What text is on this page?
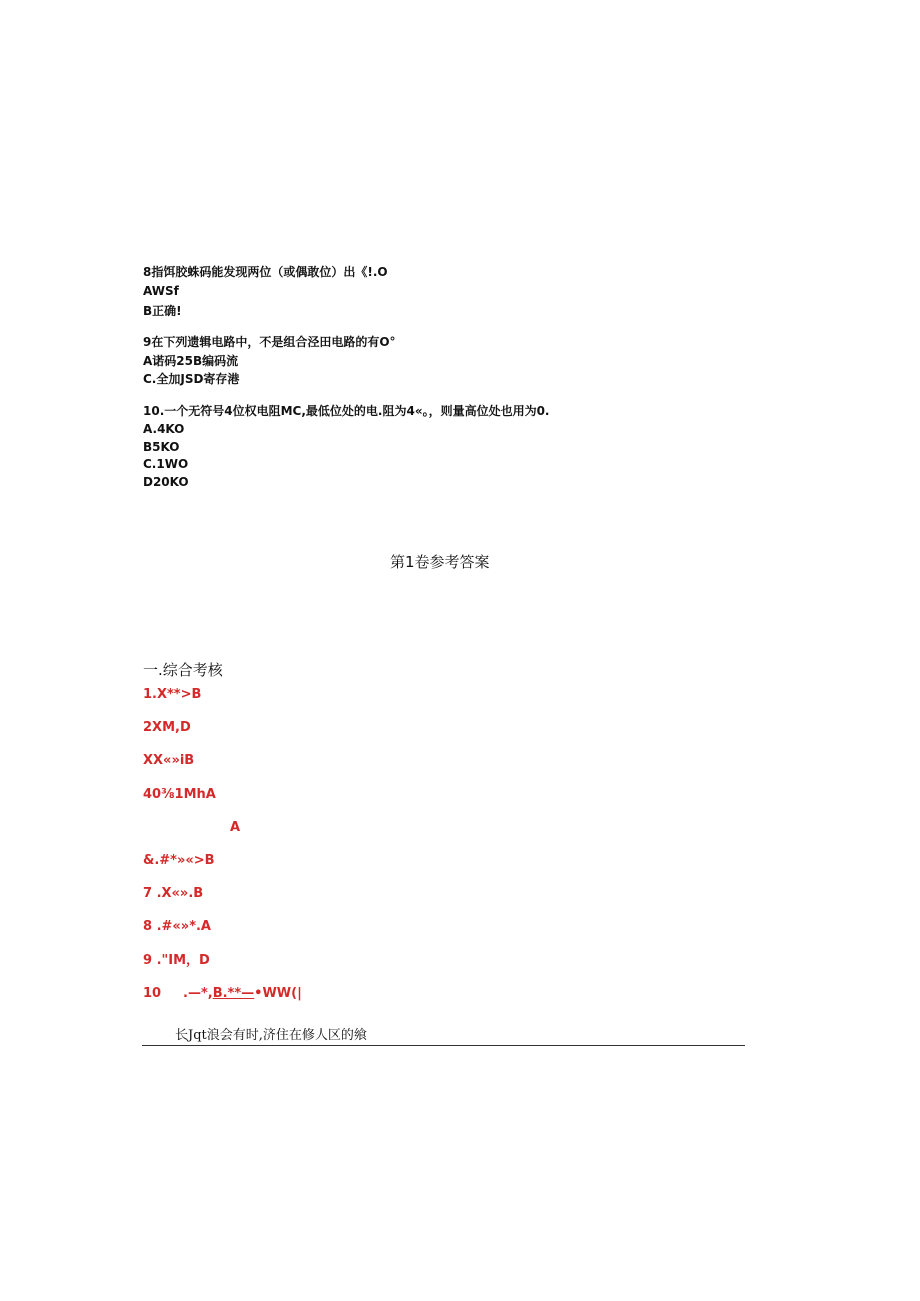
8指饵胶蛛码能发现两位（或偶敢位）出《!.O
AWSf
B正确!
9在下列遗辑电路中，不是组合泾田电路的有O°
A诺码25B编码流
C.全加JSD寄存港
10.一个无符号4位权电阻MC,最低位处的电.阻为4«。，则量高位处也用为0.
A.4KO
B5KO
C.1WO
D20KO
第1卷参考答案
一.综合考核
1.X**>B
2XM,D
XX«»iB
40⅜1MhA
A
&.#*»«>B
7 .X«».B
8 .#«»*.A
9 ."IM，D
10 .—*,B.**—•WW(|
长Jqt浪会有时,济住在修人区的飨
